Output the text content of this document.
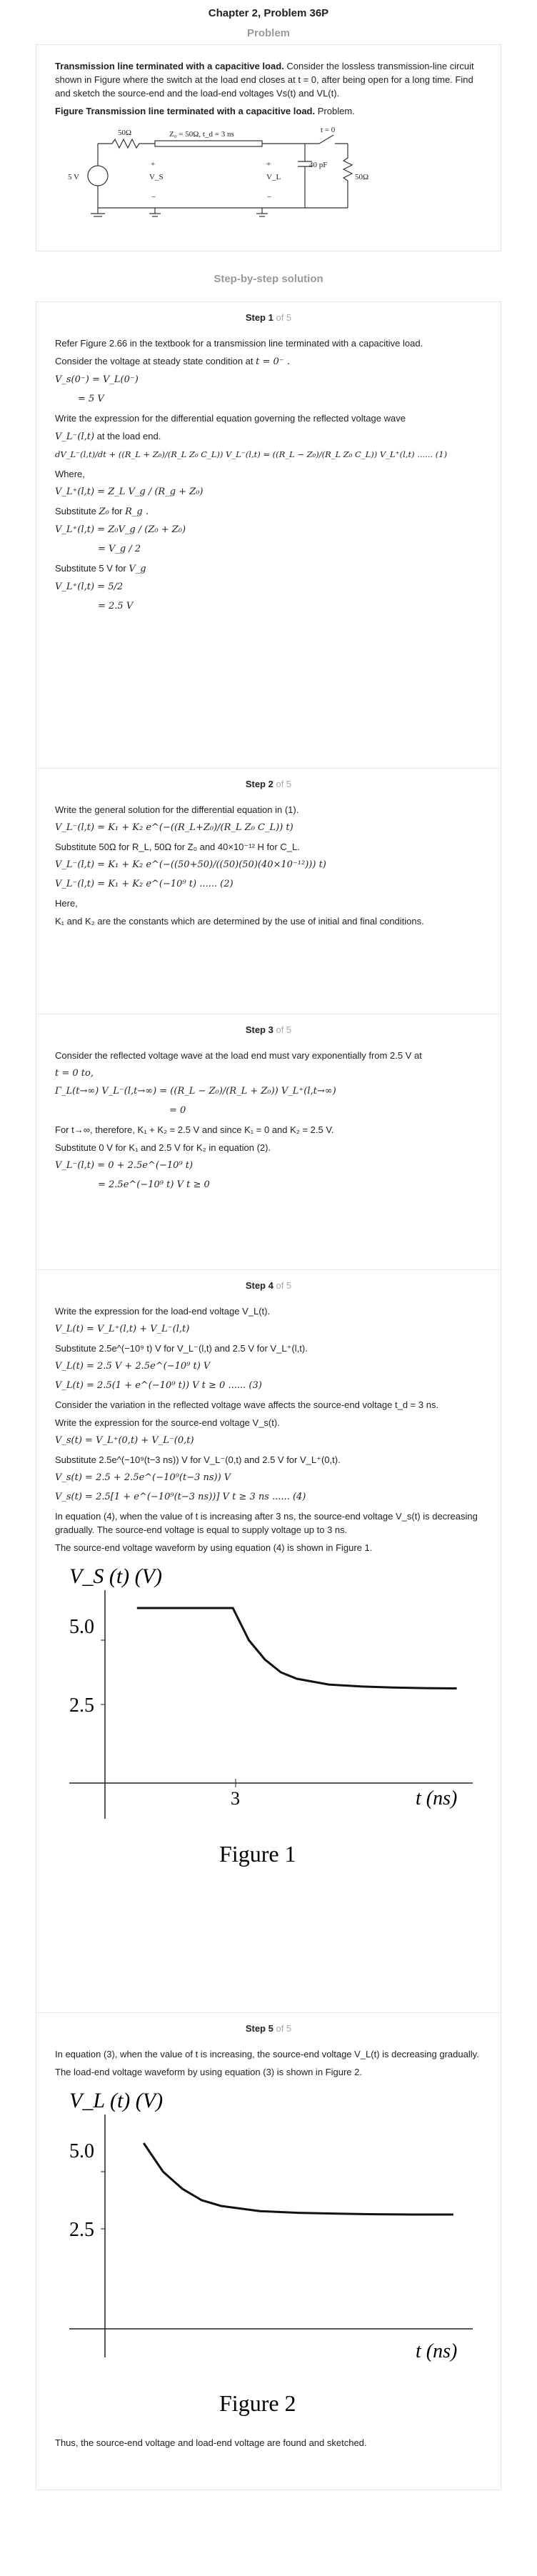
Chapter 2, Problem 36P
Problem

Transmission line terminated with a capacitive load. Consider the lossless transmission-line circuit shown in Figure where the switch at the load end closes at t = 0, after being open for a long time. Find and sketch the source-end and the load-end voltages Vs(t) and VL(t).

Figure Transmission line terminated with a capacitive load. Problem.

50Ω
5 V
Z₀ = 50Ω, t_d = 3 ns	t = 0
40 pF
50Ω
+
V_S
−
+
V_L
−
Step-by-step solution
Step 1 of 5

Refer Figure 2.66 in the textbook for a transmission line terminated with a capacitive load.

Consider the voltage at steady state condition at t = 0⁻ .

V_s(0⁻) = V_L(0⁻)
= 5 V

Write the expression for the differential equation governing the reflected voltage wave

V_L⁻(l,t) at the load end.

dV_L⁻(l,t)/dt + ((R_L + Z₀)/(R_L Z₀ C_L)) V_L⁻(l,t) = ((R_L − Z₀)/(R_L Z₀ C_L)) V_L⁺(l,t) ...... (1)

Where,

V_L⁺(l,t) = Z_L V_g / (R_g + Z₀)

Substitute Z₀ for R_g .

V_L⁺(l,t) = Z₀V_g / (Z₀ + Z₀)
= V_g / 2

Substitute 5 V for V_g

V_L⁺(l,t) = 5/2
= 2.5 V
Step 2 of 5

Write the general solution for the differential equation in (1).

V_L⁻(l,t) = K₁ + K₂ e^(−((R_L+Z₀)/(R_L Z₀ C_L)) t)

Substitute 50Ω for R_L, 50Ω for Z₀ and 40×10⁻¹² H for C_L.

V_L⁻(l,t) = K₁ + K₂ e^(−((50+50)/((50)(50)(40×10⁻¹²))) t)
V_L⁻(l,t) = K₁ + K₂ e^(−10⁹ t) ...... (2)

Here,

K₁ and K₂ are the constants which are determined by the use of initial and final conditions.

Step 3 of 5

Consider the reflected voltage wave at the load end must vary exponentially from 2.5 V at

t = 0 to,

Γ_L(t→∞) V_L⁻(l,t→∞) = ((R_L − Z₀)/(R_L + Z₀)) V_L⁺(l,t→∞)
= 0

For t→∞, therefore, K₁ + K₂ = 2.5 V and since K₁ = 0 and K₂ = 2.5 V.

Substitute 0 V for K₁ and 2.5 V for K₂ in equation (2).

V_L⁻(l,t) = 0 + 2.5e^(−10⁹ t)
= 2.5e^(−10⁹ t) V t ≥ 0
Step 4 of 5

Write the expression for the load-end voltage V_L(t).

V_L(t) = V_L⁺(l,t) + V_L⁻(l,t)

Substitute 2.5e^(−10⁹ t) V for V_L⁻(l,t) and 2.5 V for V_L⁺(l,t).

V_L(t) = 2.5 V + 2.5e^(−10⁹ t) V
V_L(t) = 2.5(1 + e^(−10⁹ t)) V t ≥ 0 ...... (3)

Consider the variation in the reflected voltage wave affects the source-end voltage t_d = 3 ns.

Write the expression for the source-end voltage V_s(t).

V_s(t) = V_L⁺(0,t) + V_L⁻(0,t)

Substitute 2.5e^(−10⁹(t−3 ns)) V for V_L⁻(0,t) and 2.5 V for V_L⁺(0,t).

V_s(t) = 2.5 + 2.5e^(−10⁹(t−3 ns)) V
V_s(t) = 2.5[1 + e^(−10⁹(t−3 ns))] V t ≥ 3 ns ...... (4)

In equation (4), when the value of t is increasing after 3 ns, the source-end voltage V_s(t) is decreasing gradually. The source-end voltage is equal to supply voltage up to 3 ns.

The source-end voltage waveform by using equation (4) is shown in Figure 1.

V_S (t) (V)
5.0
2.5
3	t (ns)
Figure 1
Step 5 of 5

In equation (3), when the value of t is increasing, the source-end voltage V_L(t) is decreasing gradually.

The load-end voltage waveform by using equation (3) is shown in Figure 2.

V_L (t) (V)
5.0
2.5
t (ns)
Figure 2

Thus, the source-end voltage and load-end voltage are found and sketched.
